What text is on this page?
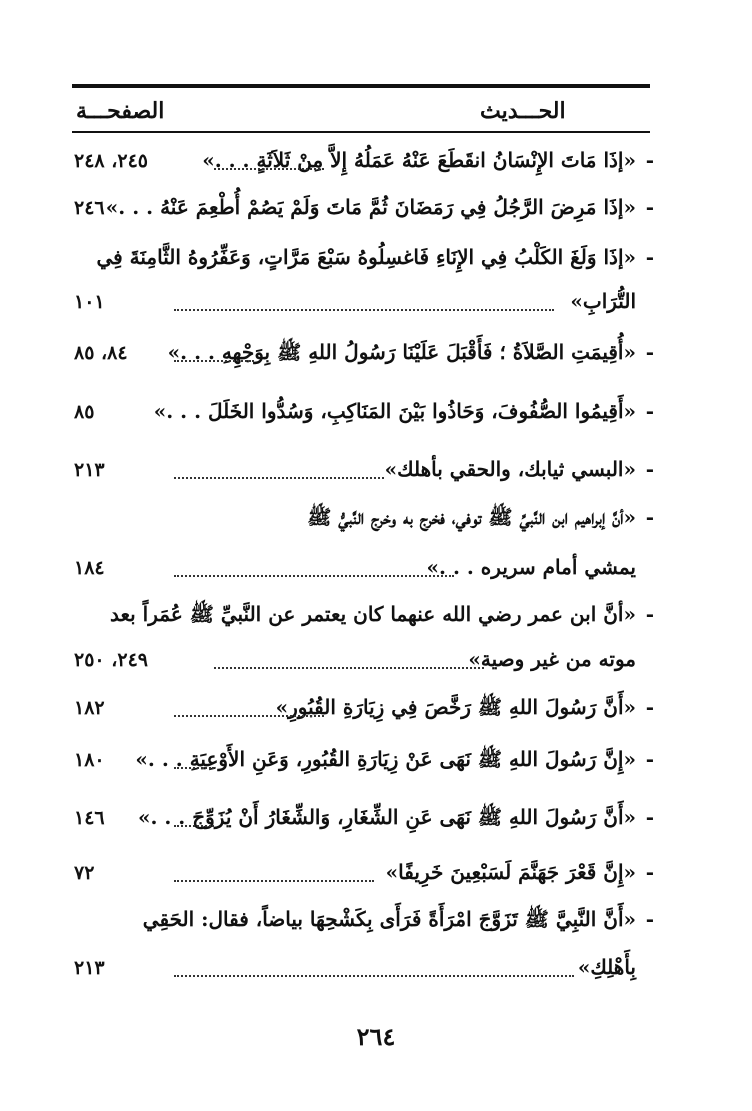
الحـــديث
الصفحـــة
-
«إذَا مَاتَ الإِنْسَانُ انقَطَعَ عَنْهُ عَمَلُهُ إِلاَّ مِنْ ثَلاَثَةٍ . . .»
٢٤٥، ٢٤٨
-
«إذَا مَرِضَ الرَّجُلُ فِي رَمَضَانَ ثُمَّ مَاتَ وَلَمْ يَصُمْ أُطْعِمَ عَنْهُ . . .»
٢٤٦
-
«إذَا وَلَغَ الكَلْبُ فِي الإِنَاءِ فَاغسِلُوهُ سَبْعَ مَرَّاتٍ، وَعَفِّرُوهُ الثَّامِنَةَ فِي
التُّرَابِ»
١٠١
-
«أُقِيمَتِ الصَّلاَةُ ؛ فَأَقْبَلَ عَلَيْنَا رَسُولُ اللهِ ﷺ بِوَجْهِهِ . . .»
٨٤، ٨٥
-
«أَقِيمُوا الصُّفُوفَ، وَحَاذُوا بَيْنَ المَنَاكِبِ، وَسُدُّوا الخَلَلَ . . .»
٨٥
-
«البسي ثيابك، والحقي بأهلك»
٢١٣
-
«أنَّ إبراهيم ابن النَّبيِّ ﷺ توفي، فخرج به وخرج النَّبيُّ ﷺ
يمشي أمام سريره . . .»
١٨٤
-
«أنَّ ابن عمر رضي الله عنهما كان يعتمر عن النَّبيِّ ﷺ عُمَراً بعد
موته من غير وصية»
٢٤٩، ٢٥٠
-
«أَنَّ رَسُولَ اللهِ ﷺ رَخَّصَ فِي زِيَارَةِ القُبُورِ»
١٨٢
-
«إِنَّ رَسُولَ اللهِ ﷺ نَهَى عَنْ زِيَارَةِ القُبُورِ، وَعَنِ الأَوْعِيَةِ . . .»
١٨٠
-
«أَنَّ رَسُولَ اللهِ ﷺ نَهَى عَنِ الشِّغَارِ، وَالشِّغَارُ أَنْ يُزَوِّجَ . . .»
١٤٦
-
«إِنَّ قَعْرَ جَهَنَّمَ لَسَبْعِينَ خَرِيفًا»
٧٢
-
«أَنَّ النَّبِيَّ ﷺ تَزَوَّجَ امْرَأَةً فَرَأَى بِكَشْحِهَا بياضاً، فقال: الحَقِي
بِأَهْلِكِ»
٢١٣
٢٦٤
